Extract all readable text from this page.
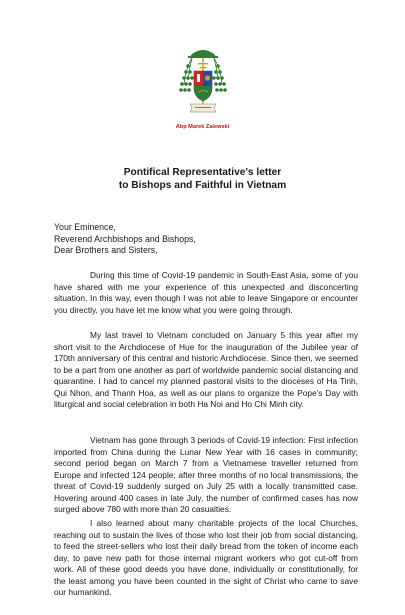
Abp Marek Zalewski
Pontifical Representative's letter
to Bishops and Faithful in Vietnam
Your Eminence,
Reverend Archbishops and Bishops,
Dear Brothers and Sisters,

During this time of Covid-19 pandemic in South-East Asia, some of you have shared with me your experience of this unexpected and disconcerting situation. In this way, even though I was not able to leave Singapore or encounter you directly, you have let me know what you were going through.

My last travel to Vietnam concluded on January 5 this year after my short visit to the Archdiocese of Hue for the inauguration of the Jubilee year of 170th anniversary of this central and historic Archdiocese. Since then, we seemed to be a part from one another as part of worldwide pandemic social distancing and quarantine. I had to cancel my planned pastoral visits to the dioceses of Ha Tinh, Qui Nhon, and Thanh Hoa, as well as our plans to organize the Pope's Day with liturgical and social celebration in both Ha Noi and Ho Chi Minh city.

Vietnam has gone through 3 periods of Covid-19 infection: First infection imported from China during the Lunar New Year with 16 cases in community; second period began on March 7 from a Vietnamese traveller returned from Europe and infected 124 people; after three months of no local transmissions, the threat of Covid-19 suddenly surged on July 25 with a locally transmitted case. Hovering around 400 cases in late July, the number of confirmed cases has now surged above 780 with more than 20 casualties.

I also learned about many charitable projects of the local Churches, reaching out to sustain the lives of those who lost their job from social distancing, to feed the street-sellers who lost their daily bread from the token of income each day, to pave new path for those internal migrant workers who got cut-off from work. All of these good deeds you have done, individually or constitutionally, for the least among you have been counted in the sight of Christ who came to save our humankind.
